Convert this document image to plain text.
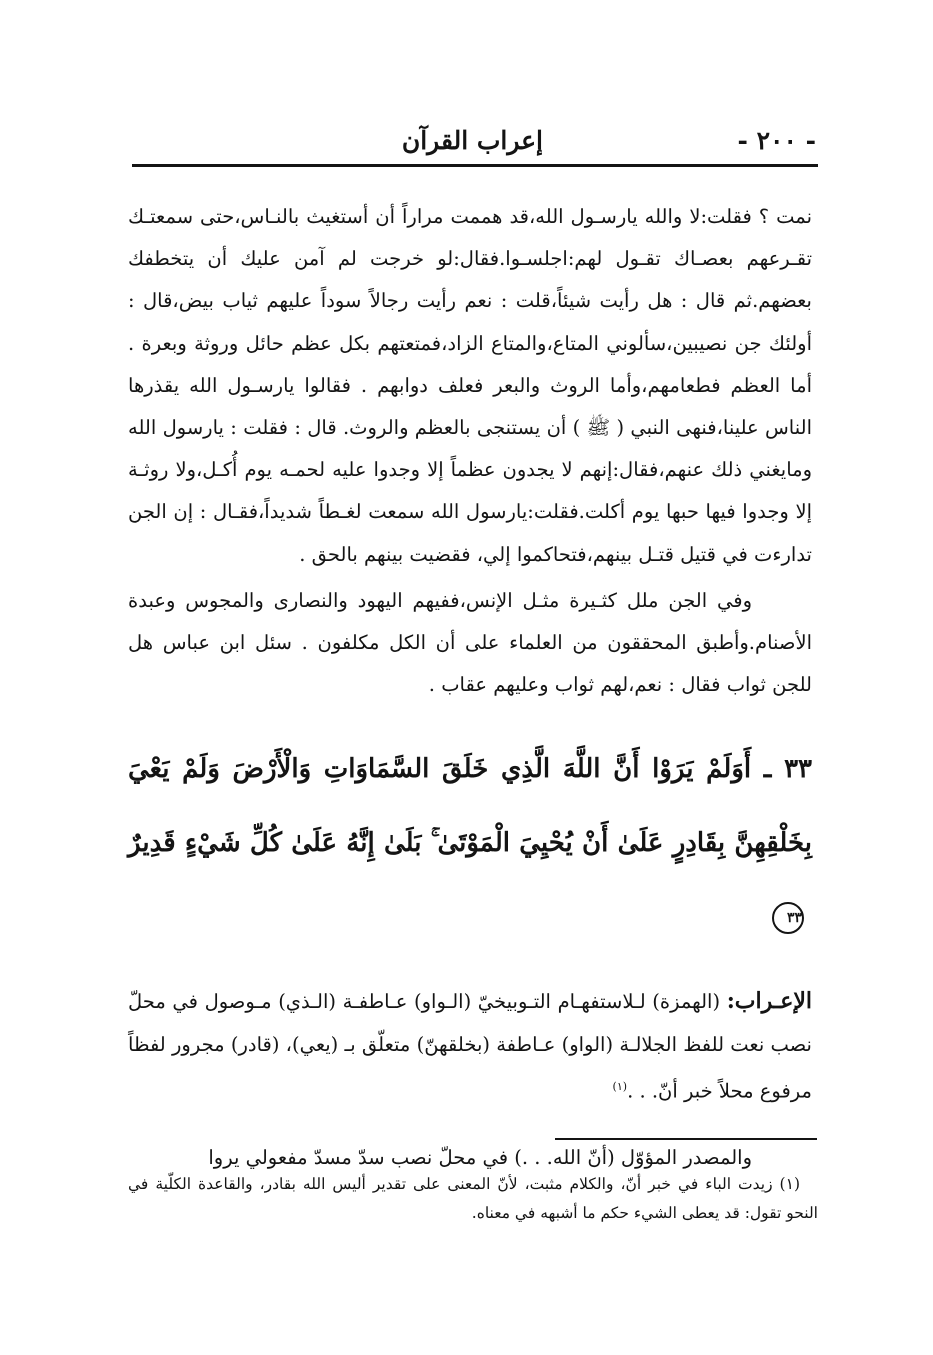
إعراب القرآن	- ٢٠٠ -

نمت ؟ فقلت:لا والله يارسـول الله،قد هممت مراراً أن أستغيث بالنـاس،حتى سمعتـك تقـرعهم بعصـاك تقـول لهم:اجلسـوا.فقال:لو خرجت لم آمن عليك أن يتخطفك بعضهم.ثم قال : هل رأيت شيئاً،قلت : نعم رأيت رجالاً سوداً عليهم ثياب بيض،قال : أولئك جن نصيبين،سألوني المتاع،والمتاع الزاد،فمتعتهم بكل عظم حائل وروثة وبعرة . أما العظم فطعامهم،وأما الروث والبعر فعلف دوابهم . فقالوا يارسـول الله يقذرها الناس علينا،فنهى النبي ( ﷺ ) أن يستنجى بالعظم والروث. قال : فقلت : يارسول الله ومايغني ذلك عنهم،فقال:إنهم لا يجدون عظماً إلا وجدوا عليه لحمـه يوم أُكـل،ولا روثـة إلا وجدوا فيها حبها يوم أكلت.فقلت:يارسول الله سمعت لغـطاً شديداً،فقـال : إن الجن تدارءت في قتيل قتـل بينهم،فتحاكموا إلي، فقضيت بينهم بالحق .

وفي الجن ملل كثـيرة مثـل الإنس،ففيهم اليهود والنصارى والمجوس وعبدة الأصنام.وأطبق المحققون من العلماء على أن الكل مكلفون . سئل ابن عباس هل للجن ثواب فقال : نعم،لهم ثواب وعليهم عقاب .

٣٣ ـ أَوَلَمْ يَرَوْا أَنَّ اللَّهَ الَّذِي خَلَقَ السَّمَاوَاتِ وَالْأَرْضَ وَلَمْ يَعْيَ بِخَلْقِهِنَّ بِقَادِرٍ عَلَىٰ أَنْ يُحْيِيَ الْمَوْتَىٰ ۚ بَلَىٰ إِنَّهُ عَلَىٰ كُلِّ شَيْءٍ قَدِيرٌ٣٣

الإعـراب: (الهمزة) لـلاستفهـام التـوبيخيّ (الـواو) عـاطفـة (الـذي) مـوصول في محلّ نصب نعت للفظ الجلالـة (الواو) عـاطفة (بخلقهنّ) متعلّق بـ (يعي)، (قادر) مجرور لفظاً مرفوع محلاً خبر أنّ. . .$^{(١)}$

والمصدر المؤوّل (أنّ الله. . .) في محلّ نصب سدّ مسدّ مفعولي يروا

(١) زيدت الباء في خبر أنّ، والكلام مثبت، لأنّ المعنى على تقدير أليس الله بقادر، والقاعدة الكلّية في النحو تقول: قد يعطى الشيء حكم ما أشبهه في معناه.
